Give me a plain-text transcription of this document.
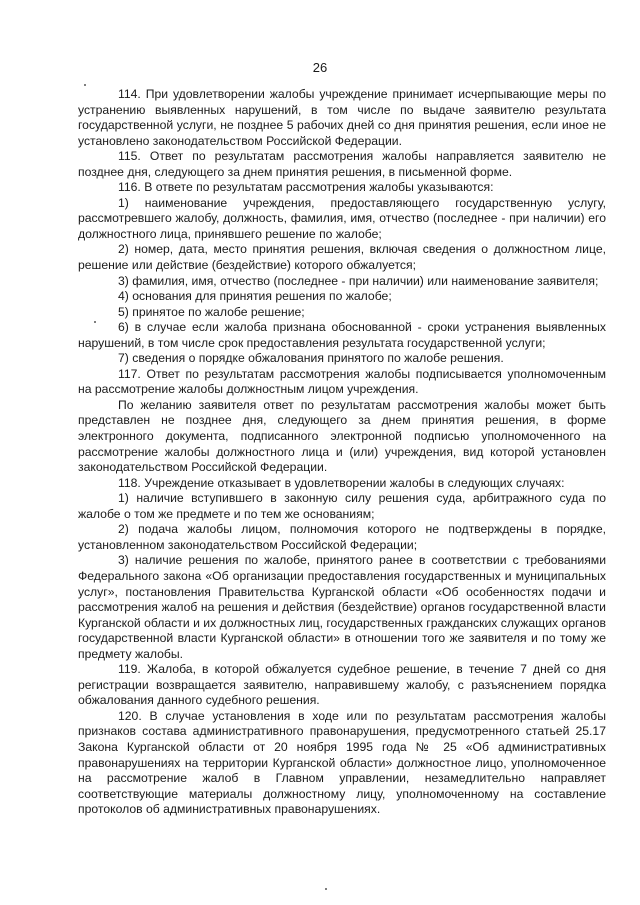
26

114. При удовлетворении жалобы учреждение принимает исчерпывающие меры по устранению выявленных нарушений, в том числе по выдаче заявителю результата государственной услуги, не позднее 5 рабочих дней со дня принятия решения, если иное не установлено законодательством Российской Федерации.

115. Ответ по результатам рассмотрения жалобы направляется заявителю не позднее дня, следующего за днем принятия решения, в письменной форме.

116. В ответе по результатам рассмотрения жалобы указываются:

1) наименование учреждения, предоставляющего государственную услугу, рассмотревшего жалобу, должность, фамилия, имя, отчество (последнее - при наличии) его должностного лица, принявшего решение по жалобе;

2) номер, дата, место принятия решения, включая сведения о должностном лице, решение или действие (бездействие) которого обжалуется;

3) фамилия, имя, отчество (последнее - при наличии) или наименование заявителя;

4) основания для принятия решения по жалобе;

5) принятое по жалобе решение;

6) в случае если жалоба признана обоснованной - сроки устранения выявленных нарушений, в том числе срок предоставления результата государственной услуги;

7) сведения о порядке обжалования принятого по жалобе решения.

117. Ответ по результатам рассмотрения жалобы подписывается уполномоченным на рассмотрение жалобы должностным лицом учреждения.

По желанию заявителя ответ по результатам рассмотрения жалобы может быть представлен не позднее дня, следующего за днем принятия решения, в форме электронного документа, подписанного электронной подписью уполномоченного на рассмотрение жалобы должностного лица и (или) учреждения, вид которой установлен законодательством Российской Федерации.

118. Учреждение отказывает в удовлетворении жалобы в следующих случаях:

1) наличие вступившего в законную силу решения суда, арбитражного суда по жалобе о том же предмете и по тем же основаниям;

2) подача жалобы лицом, полномочия которого не подтверждены в порядке, установленном законодательством Российской Федерации;

3) наличие решения по жалобе, принятого ранее в соответствии с требованиями Федерального закона «Об организации предоставления государственных и муниципальных услуг», постановления Правительства Курганской области «Об особенностях подачи и рассмотрения жалоб на решения и действия (бездействие) органов государственной власти Курганской области и их должностных лиц, государственных гражданских служащих органов государственной власти Курганской области» в отношении того же заявителя и по тому же предмету жалобы.

119. Жалоба, в которой обжалуется судебное решение, в течение 7 дней со дня регистрации возвращается заявителю, направившему жалобу, с разъяснением порядка обжалования данного судебного решения.

120. В случае установления в ходе или по результатам рассмотрения жалобы признаков состава административного правонарушения, предусмотренного статьей 25.17 Закона Курганской области от 20 ноября 1995 года № 25 «Об административных правонарушениях на территории Курганской области» должностное лицо, уполномоченное на рассмотрение жалоб в Главном управлении, незамедлительно направляет соответствующие материалы должностному лицу, уполномоченному на составление протоколов об административных правонарушениях.
